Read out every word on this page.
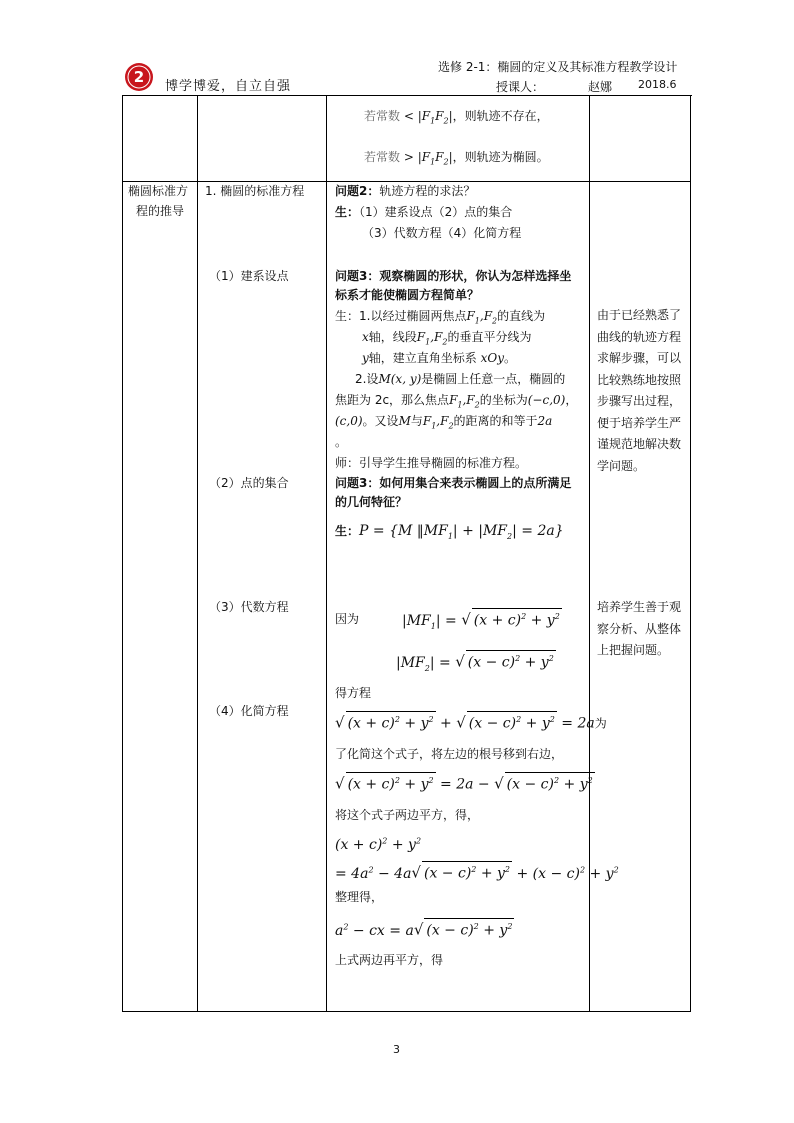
2
博学博爱，自立自强
选修 2-1：椭圆的定义及其标准方程教学设计
授课人：	赵娜 2018.6
若常数 < $|F_1F_2|$，则轨迹不存在，
若常数 > $|F_1F_2|$，则轨迹为椭圆。
椭圆标准方
程的推导
1. 椭圆的标准方程
（1）建系设点
（2）点的集合
（3）代数方程
（4）化简方程
问题2：轨迹方程的求法？
生：（1）建系设点（2）点的集合
（3）代数方程（4）化简方程
问题3：观察椭圆的形状，你认为怎样选择坐
标系才能使椭圆方程简单？
生：1.以经过椭圆两焦点$F_1,F_2$的直线为
x轴，线段$F_1,F_2$的垂直平分线为
y轴，建立直角坐标系 xOy。
2.设M(x, y)是椭圆上任意一点，椭圆的
焦距为 2c，那么焦点$F_1,F_2$的坐标为(−c,0)，
(c,0)。又设M与$F_1,F_2$的距离的和等于2a
。
师：引导学生推导椭圆的标准方程。
问题3：如何用集合来表示椭圆上的点所满足
的几何特征？
生：P = {M $‖MF_1| + |MF_2| = 2a$}
因为	$|MF_1|$ = √ $(x + c)^2 + y^2$
$|MF_2|$ = √ $(x - c)^2 + y^2$
得方程
√ $(x + c)^2 + y^2$ + √ $(x - c)^2 + y^2 = 2a$为
了化简这个式子，将左边的根号移到右边，
√ $(x + c)^2 + y^2 = 2a$ − √ $(x - c)^2 + y^2$
将这个式子两边平方，得，
$(x + c)^2 + y^2$
= $4a^2 - 4a√$ $(x - c)^2 + y^2 + (x - c)^2 + y^2$
整理得，
$a^2$ − cx = a√ $(x - c)^2 + y^2$
上式两边再平方，得
由于已经熟悉了
曲线的轨迹方程
求解步骤，可以
比较熟练地按照
步骤写出过程，
便于培养学生严
谨规范地解决数
学问题。
培养学生善于观
察分析、从整体
上把握问题。
3
